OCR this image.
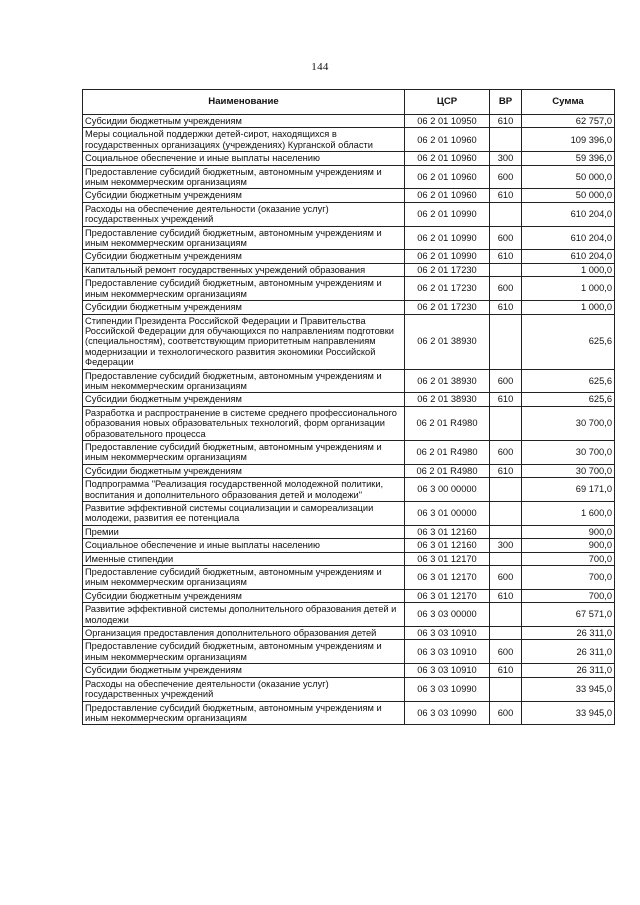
144
Наименование	ЦСР	ВР	Сумма
Субсидии бюджетным учреждениям	06 2 01 10950	610	62 757,0
Меры социальной поддержки детей-сирот, находящихся в государственных организациях (учреждениях) Курганской области	06 2 01 10960		109 396,0
Социальное обеспечение и иные выплаты населению	06 2 01 10960	300	59 396,0
Предоставление субсидий бюджетным, автономным учреждениям и иным некоммерческим организациям	06 2 01 10960	600	50 000,0
Субсидии бюджетным учреждениям	06 2 01 10960	610	50 000,0
Расходы на обеспечение деятельности (оказание услуг) государственных учреждений	06 2 01 10990		610 204,0
Предоставление субсидий бюджетным, автономным учреждениям и иным некоммерческим организациям	06 2 01 10990	600	610 204,0
Субсидии бюджетным учреждениям	06 2 01 10990	610	610 204,0
Капитальный ремонт государственных учреждений образования	06 2 01 17230		1 000,0
Предоставление субсидий бюджетным, автономным учреждениям и иным некоммерческим организациям	06 2 01 17230	600	1 000,0
Субсидии бюджетным учреждениям	06 2 01 17230	610	1 000,0
Стипендии Президента Российской Федерации и Правительства Российской Федерации для обучающихся по направлениям подготовки (специальностям), соответствующим приоритетным направлениям модернизации и технологического развития экономики Российской Федерации	06 2 01 38930		625,6
Предоставление субсидий бюджетным, автономным учреждениям и иным некоммерческим организациям	06 2 01 38930	600	625,6
Субсидии бюджетным учреждениям	06 2 01 38930	610	625,6
Разработка и распространение в системе среднего профессионального образования новых образовательных технологий, форм организации образовательного процесса	06 2 01 R4980		30 700,0
Предоставление субсидий бюджетным, автономным учреждениям и иным некоммерческим организациям	06 2 01 R4980	600	30 700,0
Субсидии бюджетным учреждениям	06 2 01 R4980	610	30 700,0
Подпрограмма "Реализация государственной молодежной политики, воспитания и дополнительного образования детей и молодежи"	06 3 00 00000		69 171,0
Развитие эффективной системы социализации и самореализации молодежи, развития ее потенциала	06 3 01 00000		1 600,0
Премии	06 3 01 12160		900,0
Социальное обеспечение и иные выплаты населению	06 3 01 12160	300	900,0
Именные стипендии	06 3 01 12170		700,0
Предоставление субсидий бюджетным, автономным учреждениям и иным некоммерческим организациям	06 3 01 12170	600	700,0
Субсидии бюджетным учреждениям	06 3 01 12170	610	700,0
Развитие эффективной системы дополнительного образования детей и молодежи	06 3 03 00000		67 571,0
Организация предоставления дополнительного образования детей	06 3 03 10910		26 311,0
Предоставление субсидий бюджетным, автономным учреждениям и иным некоммерческим организациям	06 3 03 10910	600	26 311,0
Субсидии бюджетным учреждениям	06 3 03 10910	610	26 311,0
Расходы на обеспечение деятельности (оказание услуг) государственных учреждений	06 3 03 10990		33 945,0
Предоставление субсидий бюджетным, автономным учреждениям и иным некоммерческим организациям	06 3 03 10990	600	33 945,0
